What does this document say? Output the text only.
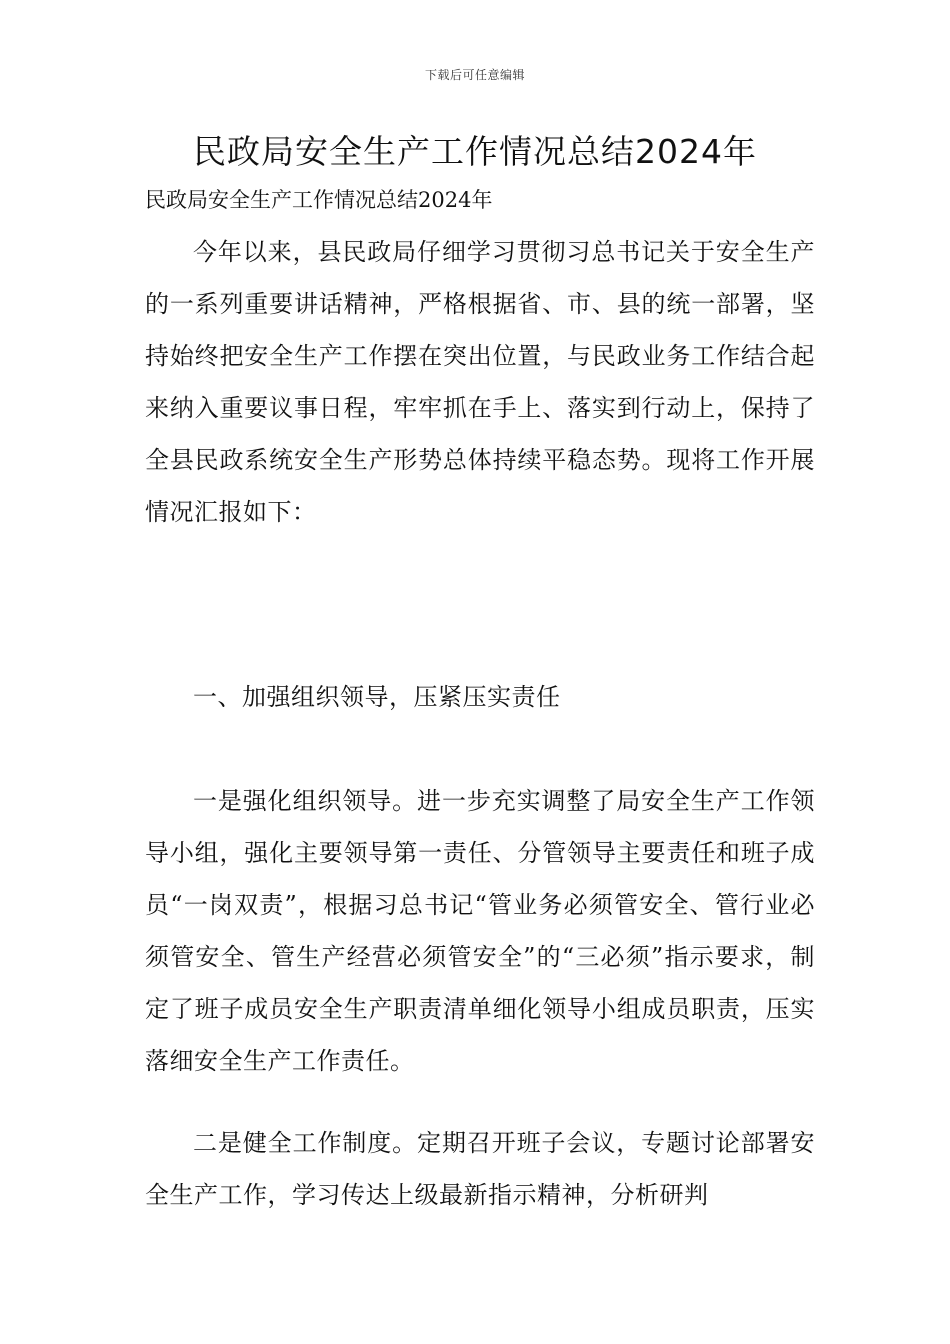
下载后可任意编辑
民政局安全生产工作情况总结2024年

民政局安全生产工作情况总结2024年

今年以来，县民政局仔细学习贯彻习总书记关于安全生产的一系列重要讲话精神，严格根据省、市、县的统一部署，坚持始终把安全生产工作摆在突出位置，与民政业务工作结合起来纳入重要议事日程，牢牢抓在手上、落实到行动上，保持了全县民政系统安全生产形势总体持续平稳态势。现将工作开展情况汇报如下：

一、加强组织领导，压紧压实责任

一是强化组织领导。进一步充实调整了局安全生产工作领导小组，强化主要领导第一责任、分管领导主要责任和班子成员“一岗双责”，根据习总书记“管业务必须管安全、管行业必须管安全、管生产经营必须管安全”的“三必须”指示要求，制定了班子成员安全生产职责清单细化领导小组成员职责，压实落细安全生产工作责任。

二是健全工作制度。定期召开班子会议，专题讨论部署安全生产工作，学习传达上级最新指示精神，分析研判
